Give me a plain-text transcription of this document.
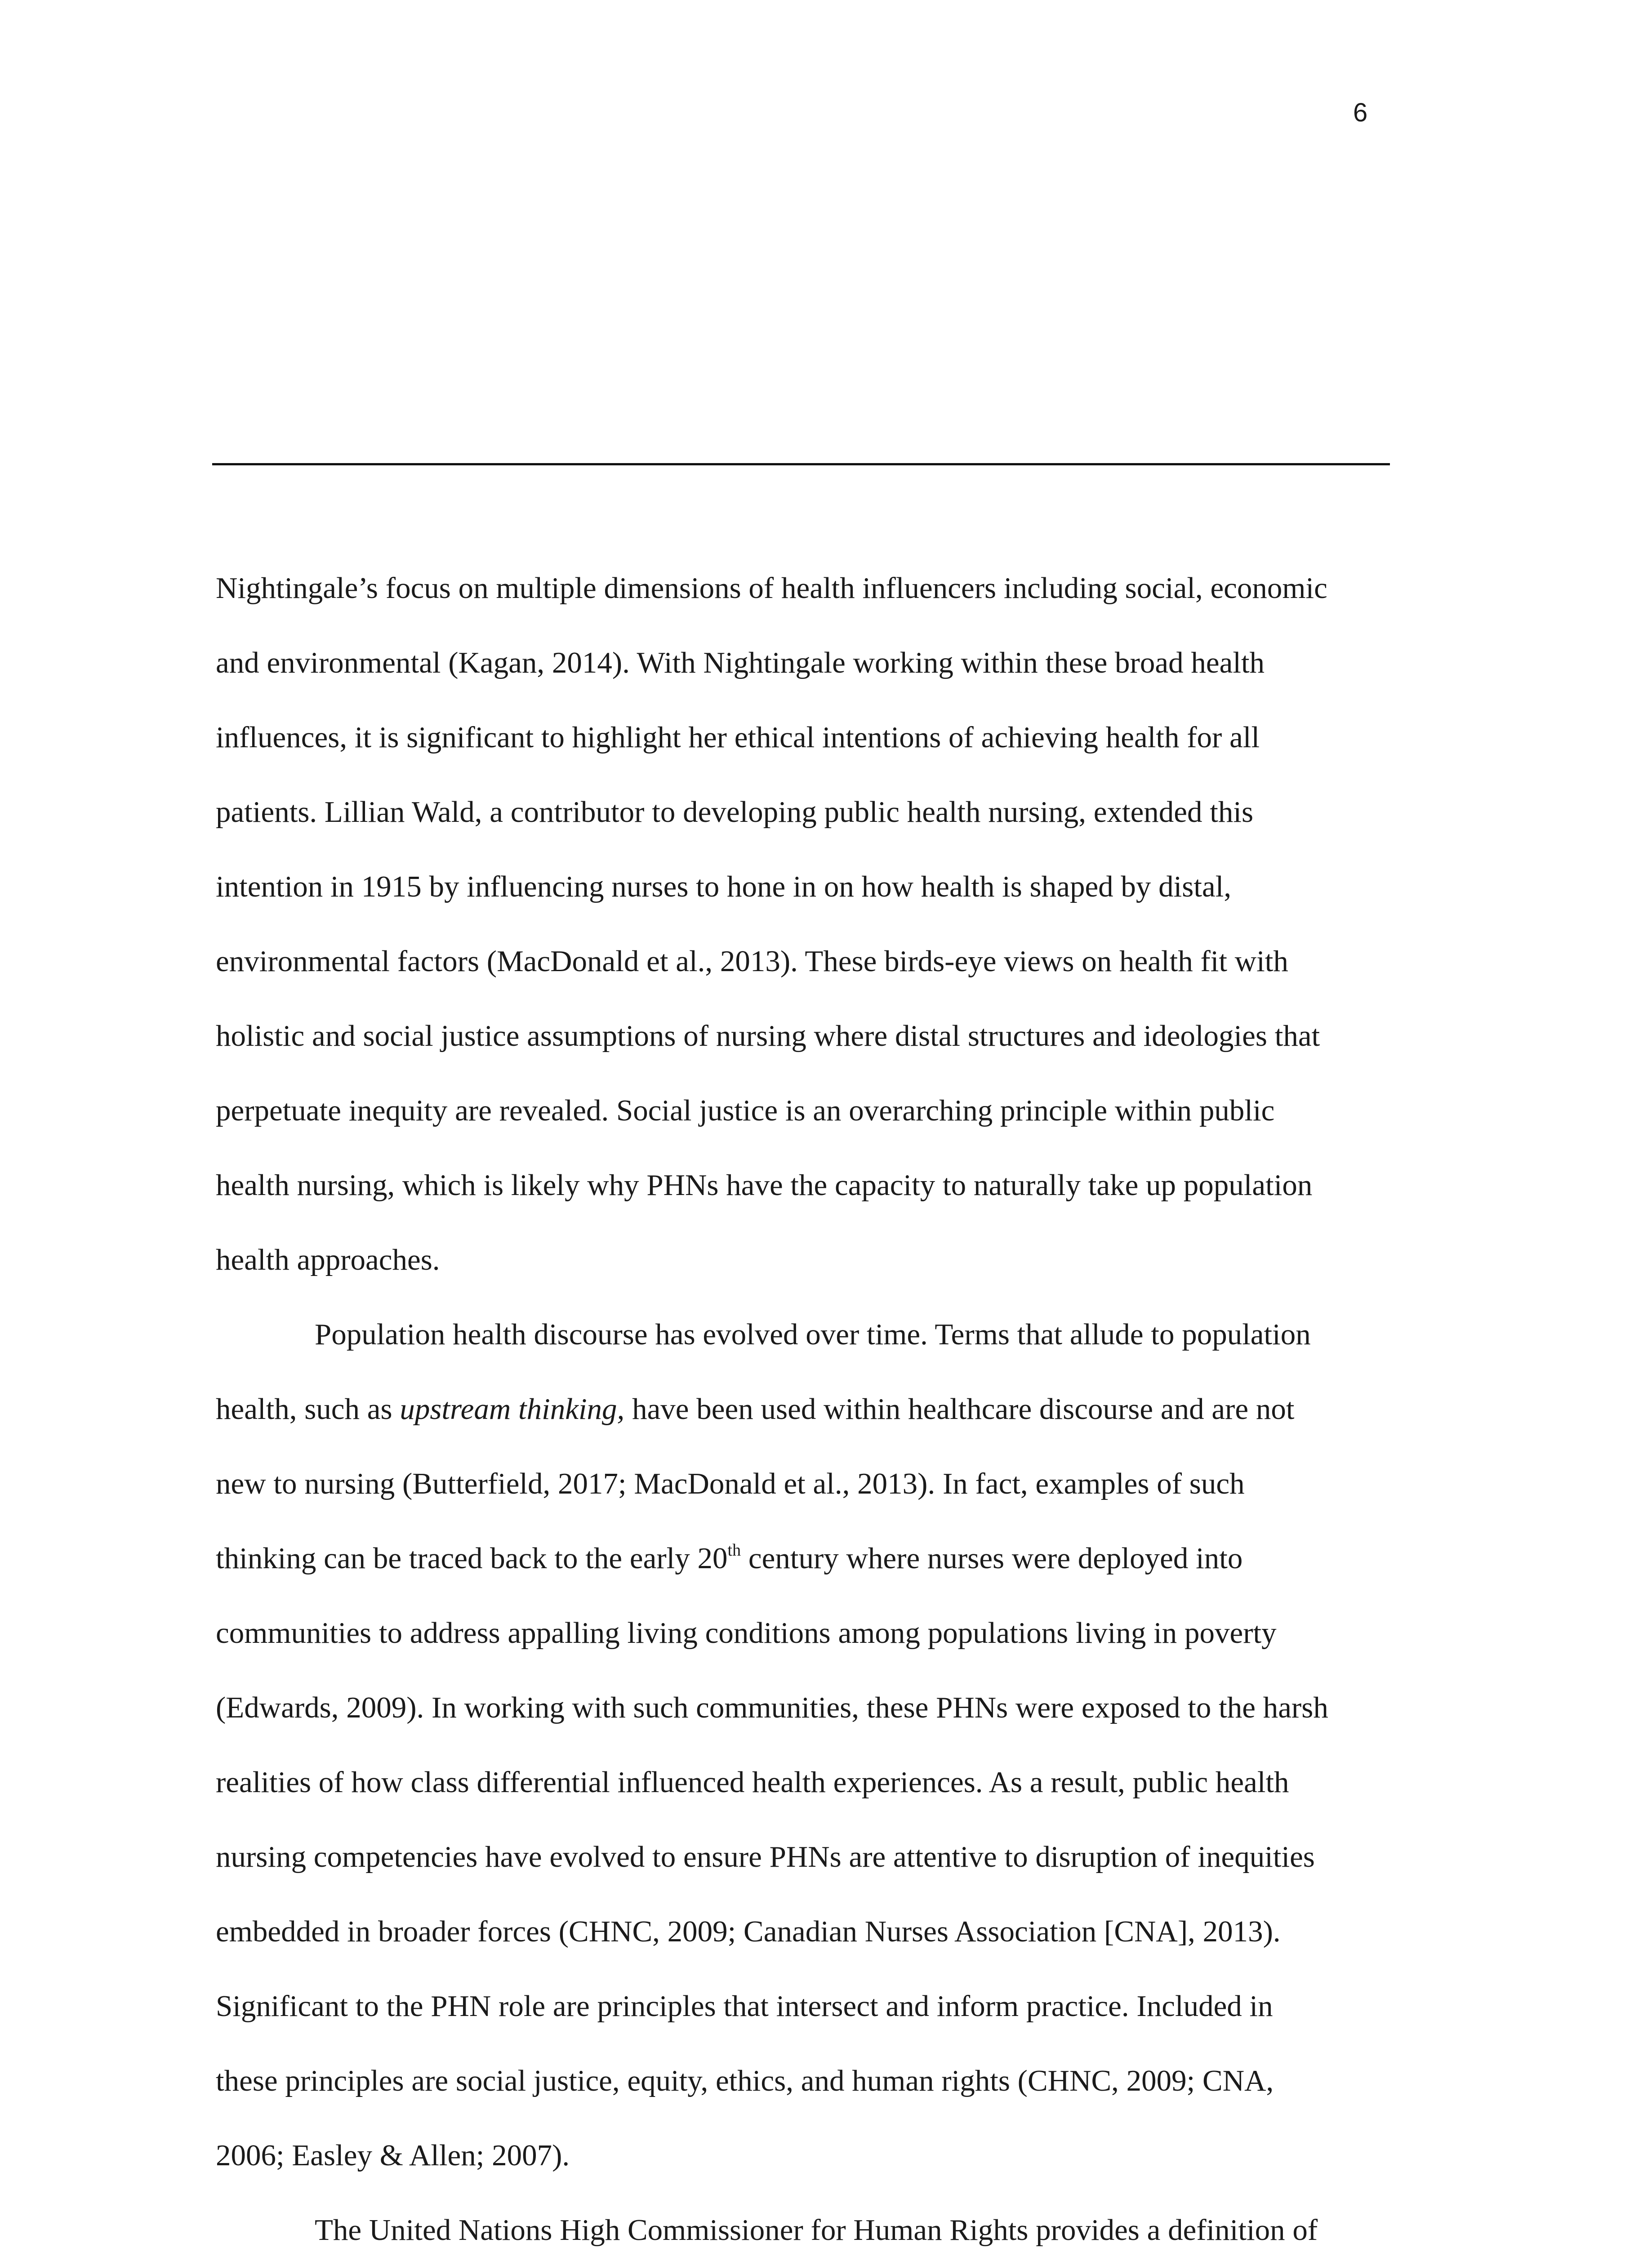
6
Nightingale’s focus on multiple dimensions of health influencers including social, economic
and environmental (Kagan, 2014). With Nightingale working within these broad health
influences, it is significant to highlight her ethical intentions of achieving health for all
patients. Lillian Wald, a contributor to developing public health nursing, extended this
intention in 1915 by influencing nurses to hone in on how health is shaped by distal,
environmental factors (MacDonald et al., 2013). These birds-eye views on health fit with
holistic and social justice assumptions of nursing where distal structures and ideologies that
perpetuate inequity are revealed. Social justice is an overarching principle within public
health nursing, which is likely why PHNs have the capacity to naturally take up population
health approaches.
Population health discourse has evolved over time. Terms that allude to population
health, such as upstream thinking, have been used within healthcare discourse and are not
new to nursing (Butterfield, 2017; MacDonald et al., 2013). In fact, examples of such
thinking can be traced back to the early 20th century where nurses were deployed into
communities to address appalling living conditions among populations living in poverty
(Edwards, 2009). In working with such communities, these PHNs were exposed to the harsh
realities of how class differential influenced health experiences. As a result, public health
nursing competencies have evolved to ensure PHNs are attentive to disruption of inequities
embedded in broader forces (CHNC, 2009; Canadian Nurses Association [CNA], 2013).
Significant to the PHN role are principles that intersect and inform practice. Included in
these principles are social justice, equity, ethics, and human rights (CHNC, 2009; CNA,
2006; Easley & Allen; 2007).
The United Nations High Commissioner for Human Rights provides a definition of
